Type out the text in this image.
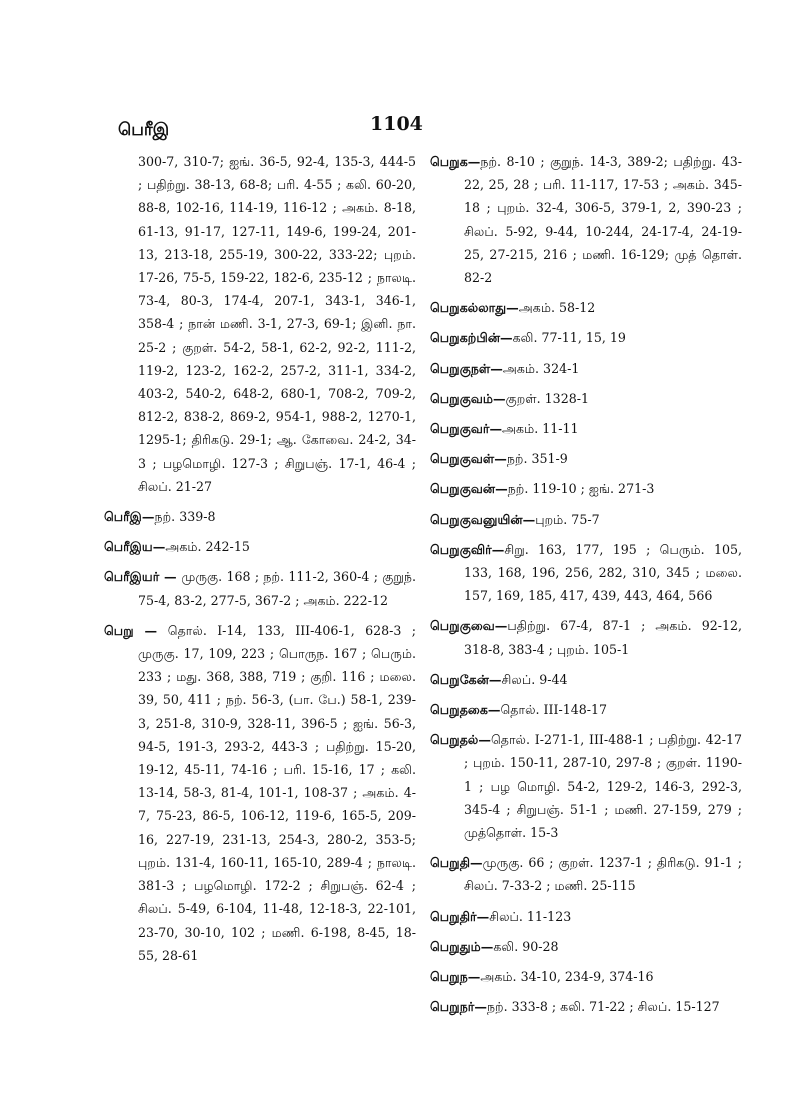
பெரீஇ	1104

300-7, 310-7; ஐங். 36-5, 92-4, 135-3, 444-5 ; பதிற்று. 38-13, 68-8; பரி. 4-55 ; கலி. 60-20, 88-8, 102-16, 114-19, 116-12 ; அகம். 8-18, 61-13, 91-17, 127-11, 149-6, 199-24, 201-13, 213-18, 255-19, 300-22, 333-22; புறம். 17-26, 75-5, 159-22, 182-6, 235-12 ; நாலடி. 73-4, 80-3, 174-4, 207-1, 343-1, 346-1, 358-4 ; நான் மணி. 3-1, 27-3, 69-1; இனி. நா. 25-2 ; குறள். 54-2, 58-1, 62-2, 92-2, 111-2, 119-2, 123-2, 162-2, 257-2, 311-1, 334-2, 403-2, 540-2, 648-2, 680-1, 708-2, 709-2, 812-2, 838-2, 869-2, 954-1, 988-2, 1270-1, 1295-1; திரிகடு. 29-1; ஆ. கோவை. 24-2, 34-3 ; பழமொழி. 127-3 ; சிறுபஞ். 17-1, 46-4 ; சிலப். 21-27

பெரீஇ—நற். 339-8

பெரீஇய—அகம். 242-15

பெரீஇயர் — முருகு. 168 ; நற். 111-2, 360-4 ; குறுந். 75-4, 83-2, 277-5, 367-2 ; அகம். 222-12

பெறு — தொல். I-14, 133, III-406-1, 628-3 ; முருகு. 17, 109, 223 ; பொருந. 167 ; பெரும். 233 ; மது. 368, 388, 719 ; குறி. 116 ; மலை. 39, 50, 411 ; நற். 56-3, (பா. பே.) 58-1, 239-3, 251-8, 310-9, 328-11, 396-5 ; ஐங். 56-3, 94-5, 191-3, 293-2, 443-3 ; பதிற்று. 15-20, 19-12, 45-11, 74-16 ; பரி. 15-16, 17 ; கலி. 13-14, 58-3, 81-4, 101-1, 108-37 ; அகம். 4-7, 75-23, 86-5, 106-12, 119-6, 165-5, 209-16, 227-19, 231-13, 254-3, 280-2, 353-5; புறம். 131-4, 160-11, 165-10, 289-4 ; நாலடி. 381-3 ; பழமொழி. 172-2 ; சிறுபஞ். 62-4 ; சிலப். 5-49, 6-104, 11-48, 12-18-3, 22-101, 23-70, 30-10, 102 ; மணி. 6-198, 8-45, 18-55, 28-61

பெறுக—நற். 8-10 ; குறுந். 14-3, 389-2; பதிற்று. 43-22, 25, 28 ; பரி. 11-117, 17-53 ; அகம். 345-18 ; புறம். 32-4, 306-5, 379-1, 2, 390-23 ; சிலப். 5-92, 9-44, 10-244, 24-17-4, 24-19-25, 27-215, 216 ; மணி. 16-129; முத் தொள். 82-2

பெறுகல்லாது—அகம். 58-12

பெறுகற்பின்—கலி. 77-11, 15, 19

பெறுகுநள்—அகம். 324-1

பெறுகுவம்—குறள். 1328-1

பெறுகுவர்—அகம். 11-11

பெறுகுவள்—நற். 351-9

பெறுகுவன்—நற். 119-10 ; ஐங். 271-3

பெறுகுவனுயின்—புறம். 75-7

பெறுகுவிர்—சிறு. 163, 177, 195 ; பெரும். 105, 133, 168, 196, 256, 282, 310, 345 ; மலை. 157, 169, 185, 417, 439, 443, 464, 566

பெறுகுவை—பதிற்று. 67-4, 87-1 ; அகம். 92-12, 318-8, 383-4 ; புறம். 105-1

பெறுகேன்—சிலப். 9-44

பெறுதகை—தொல். III-148-17

பெறுதல்—தொல். I-271-1, III-488-1 ; பதிற்று. 42-17 ; புறம். 150-11, 287-10, 297-8 ; குறள். 1190-1 ; பழ மொழி. 54-2, 129-2, 146-3, 292-3, 345-4 ; சிறுபஞ். 51-1 ; மணி. 27-159, 279 ; முத்தொள். 15-3

பெறுதி—முருகு. 66 ; குறள். 1237-1 ; திரிகடு. 91-1 ; சிலப். 7-33-2 ; மணி. 25-115

பெறுதிர்—சிலப். 11-123

பெறுதும்—கலி. 90-28

பெறுந—அகம். 34-10, 234-9, 374-16

பெறுநர்—நற். 333-8 ; கலி. 71-22 ; சிலப். 15-127
